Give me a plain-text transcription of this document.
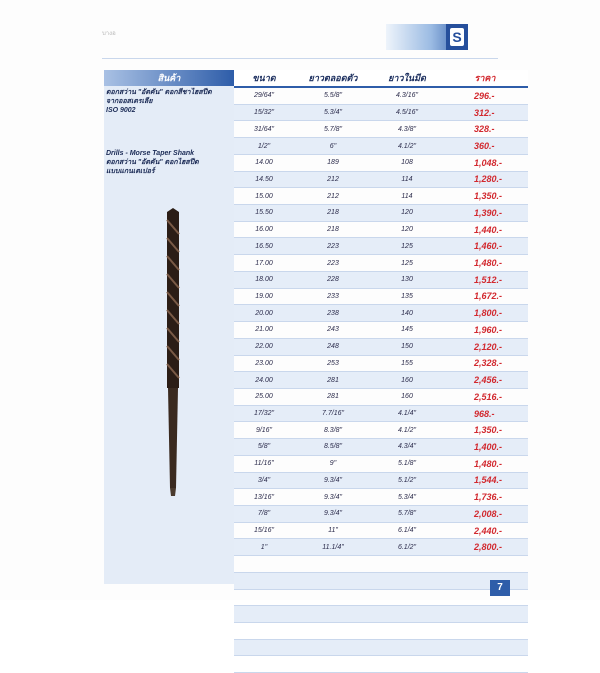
บางอ	S
สินค้า
ดอกสว่าน "อัตคัน" ดอกสีชาไฮสปีด
จากออสเตรเลีย
ISO 9002
Drills - Morse Taper Shank
ดอกสว่าน "อัตคัน" ดอกไฮสปีด
แบบแกนเตเปอร์
ขนาด	ยาวตลอดตัว	ยาวในมีด	ราคา
29/64"	5.5/8"	4.3/16"	296.-
15/32"	5.3/4"	4.5/16"	312.-
31/64"	5.7/8"	4.3/8"	328.-
1/2"	6"	4.1/2"	360.-
14.00	189	108	1,048.-
14.50	212	114	1,280.-
15.00	212	114	1,350.-
15.50	218	120	1,390.-
16.00	218	120	1,440.-
16.50	223	125	1,460.-
17.00	223	125	1,480.-
18.00	228	130	1,512.-
19.00	233	135	1,672.-
20.00	238	140	1,800.-
21.00	243	145	1,960.-
22.00	248	150	2,120.-
23.00	253	155	2,328.-
24.00	281	160	2,456.-
25.00	281	160	2,516.-
17/32"	7.7/16"	4.1/4"	968.-
9/16"	8.3/8"	4.1/2"	1,350.-
5/8"	8.5/8"	4.3/4"	1,400.-
11/16"	9"	5.1/8"	1,480.-
3/4"	9.3/4"	5.1/2"	1,544.-
13/16"	9.3/4"	5.3/4"	1,736.-
7/8"	9.3/4"	5.7/8"	2,008.-
15/16"	11"	6.1/4"	2,440.-
1"	11.1/4"	6.1/2"	2,800.-

7
